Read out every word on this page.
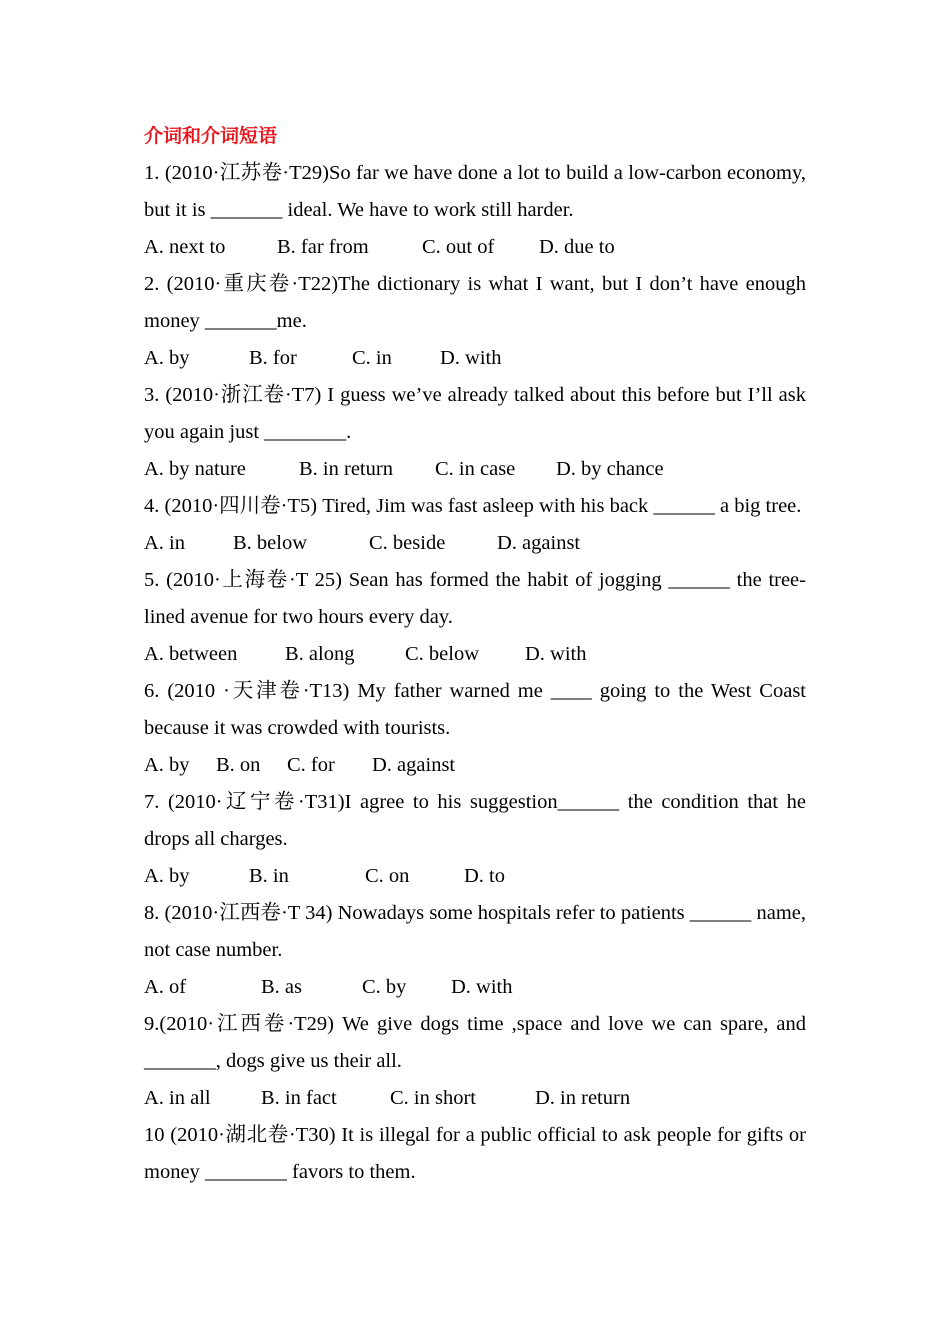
介词和介词短语
1. (2010·江苏卷·T29)So far we have done a lot to build a low-carbon economy, but it is _______ ideal. We have to work still harder.
A. next to	B. far from	C. out of D. due to
2. (2010·重庆卷·T22)The dictionary is what I want, but I don’t have enough money _______me.
A. by	B. for	C. in D. with
3. (2010·浙江卷·T7) I guess we’ve already talked about this before but I’ll ask you again just ________.
A. by nature	B. in return C. in case D. by chance
4. (2010·四川卷·T5) Tired, Jim was fast asleep with his back ______ a big tree.
A. in B. below	C. beside	D. against
5. (2010·上海卷·T 25) Sean has formed the habit of jogging ______ the tree-lined avenue for two hours every day.
A. between B. along C. below D. with
6. (2010 ·天津卷·T13) My father warned me ____ going to the West Coast because it was crowded with tourists.
A. by B. on C. for D. against
7. (2010·辽宁卷·T31)I agree to his suggestion______ the condition that he drops all charges.
A. by	B. in	C. on	D. to
8. (2010·江西卷·T 34) Nowadays some hospitals refer to patients ______ name, not case number.
A. of	B. as	C. by D. with
9.(2010·江西卷·T29) We give dogs time ,space and love we can spare, and _______, dogs give us their all.
A. in all B. in fact	C. in short	D. in return
10 (2010·湖北卷·T30) It is illegal for a public official to ask people for gifts or money ________ favors to them.
